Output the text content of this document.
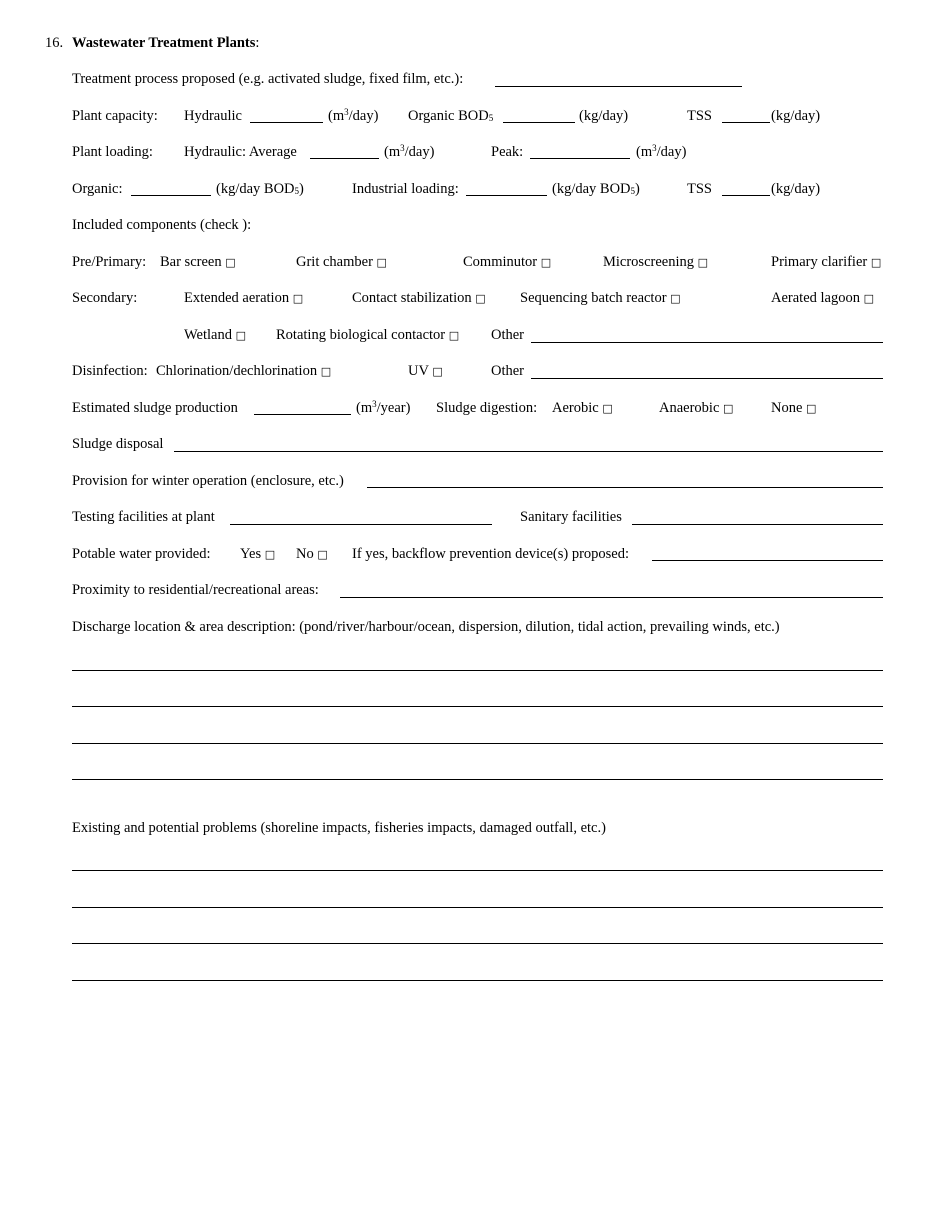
16. Wastewater Treatment Plants:
Treatment process proposed (e.g. activated sludge, fixed film, etc.):
Plant capacity: Hydraulic	$(m^3/day)$ Organic $BOD_5$	(kg/day)	TSS	(kg/day)
Plant loading: Hydraulic: Average	$(m^3/day)$	Peak:	$(m^3/day)$
Organic:	(kg/day $BOD_5$)	Industrial loading:	(kg/day $BOD_5$)	TSS	(kg/day)
Included components (check ):
Pre/Primary: Bar screen □	Grit chamber □	Comminutor □	Microscreening □	Primary clarifier □
Secondary:	Extended aeration □	Contact stabilization □ Sequencing batch reactor □	Aerated lagoon □
Wetland □ Rotating biological contactor □ Other
Disinfection: Chlorination/dechlorination □	UV □	Other
Estimated sludge production	$(m^3/year)$ Sludge digestion: Aerobic □	Anaerobic □	None □
Sludge disposal
Provision for winter operation (enclosure, etc.)
Testing facilities at plant	Sanitary facilities
Potable water provided: Yes □ No □ If yes, backflow prevention device(s) proposed:
Proximity to residential/recreational areas:
Discharge location & area description: (pond/river/harbour/ocean, dispersion, dilution, tidal action, prevailing winds, etc.)
Existing and potential problems (shoreline impacts, fisheries impacts, damaged outfall, etc.)
